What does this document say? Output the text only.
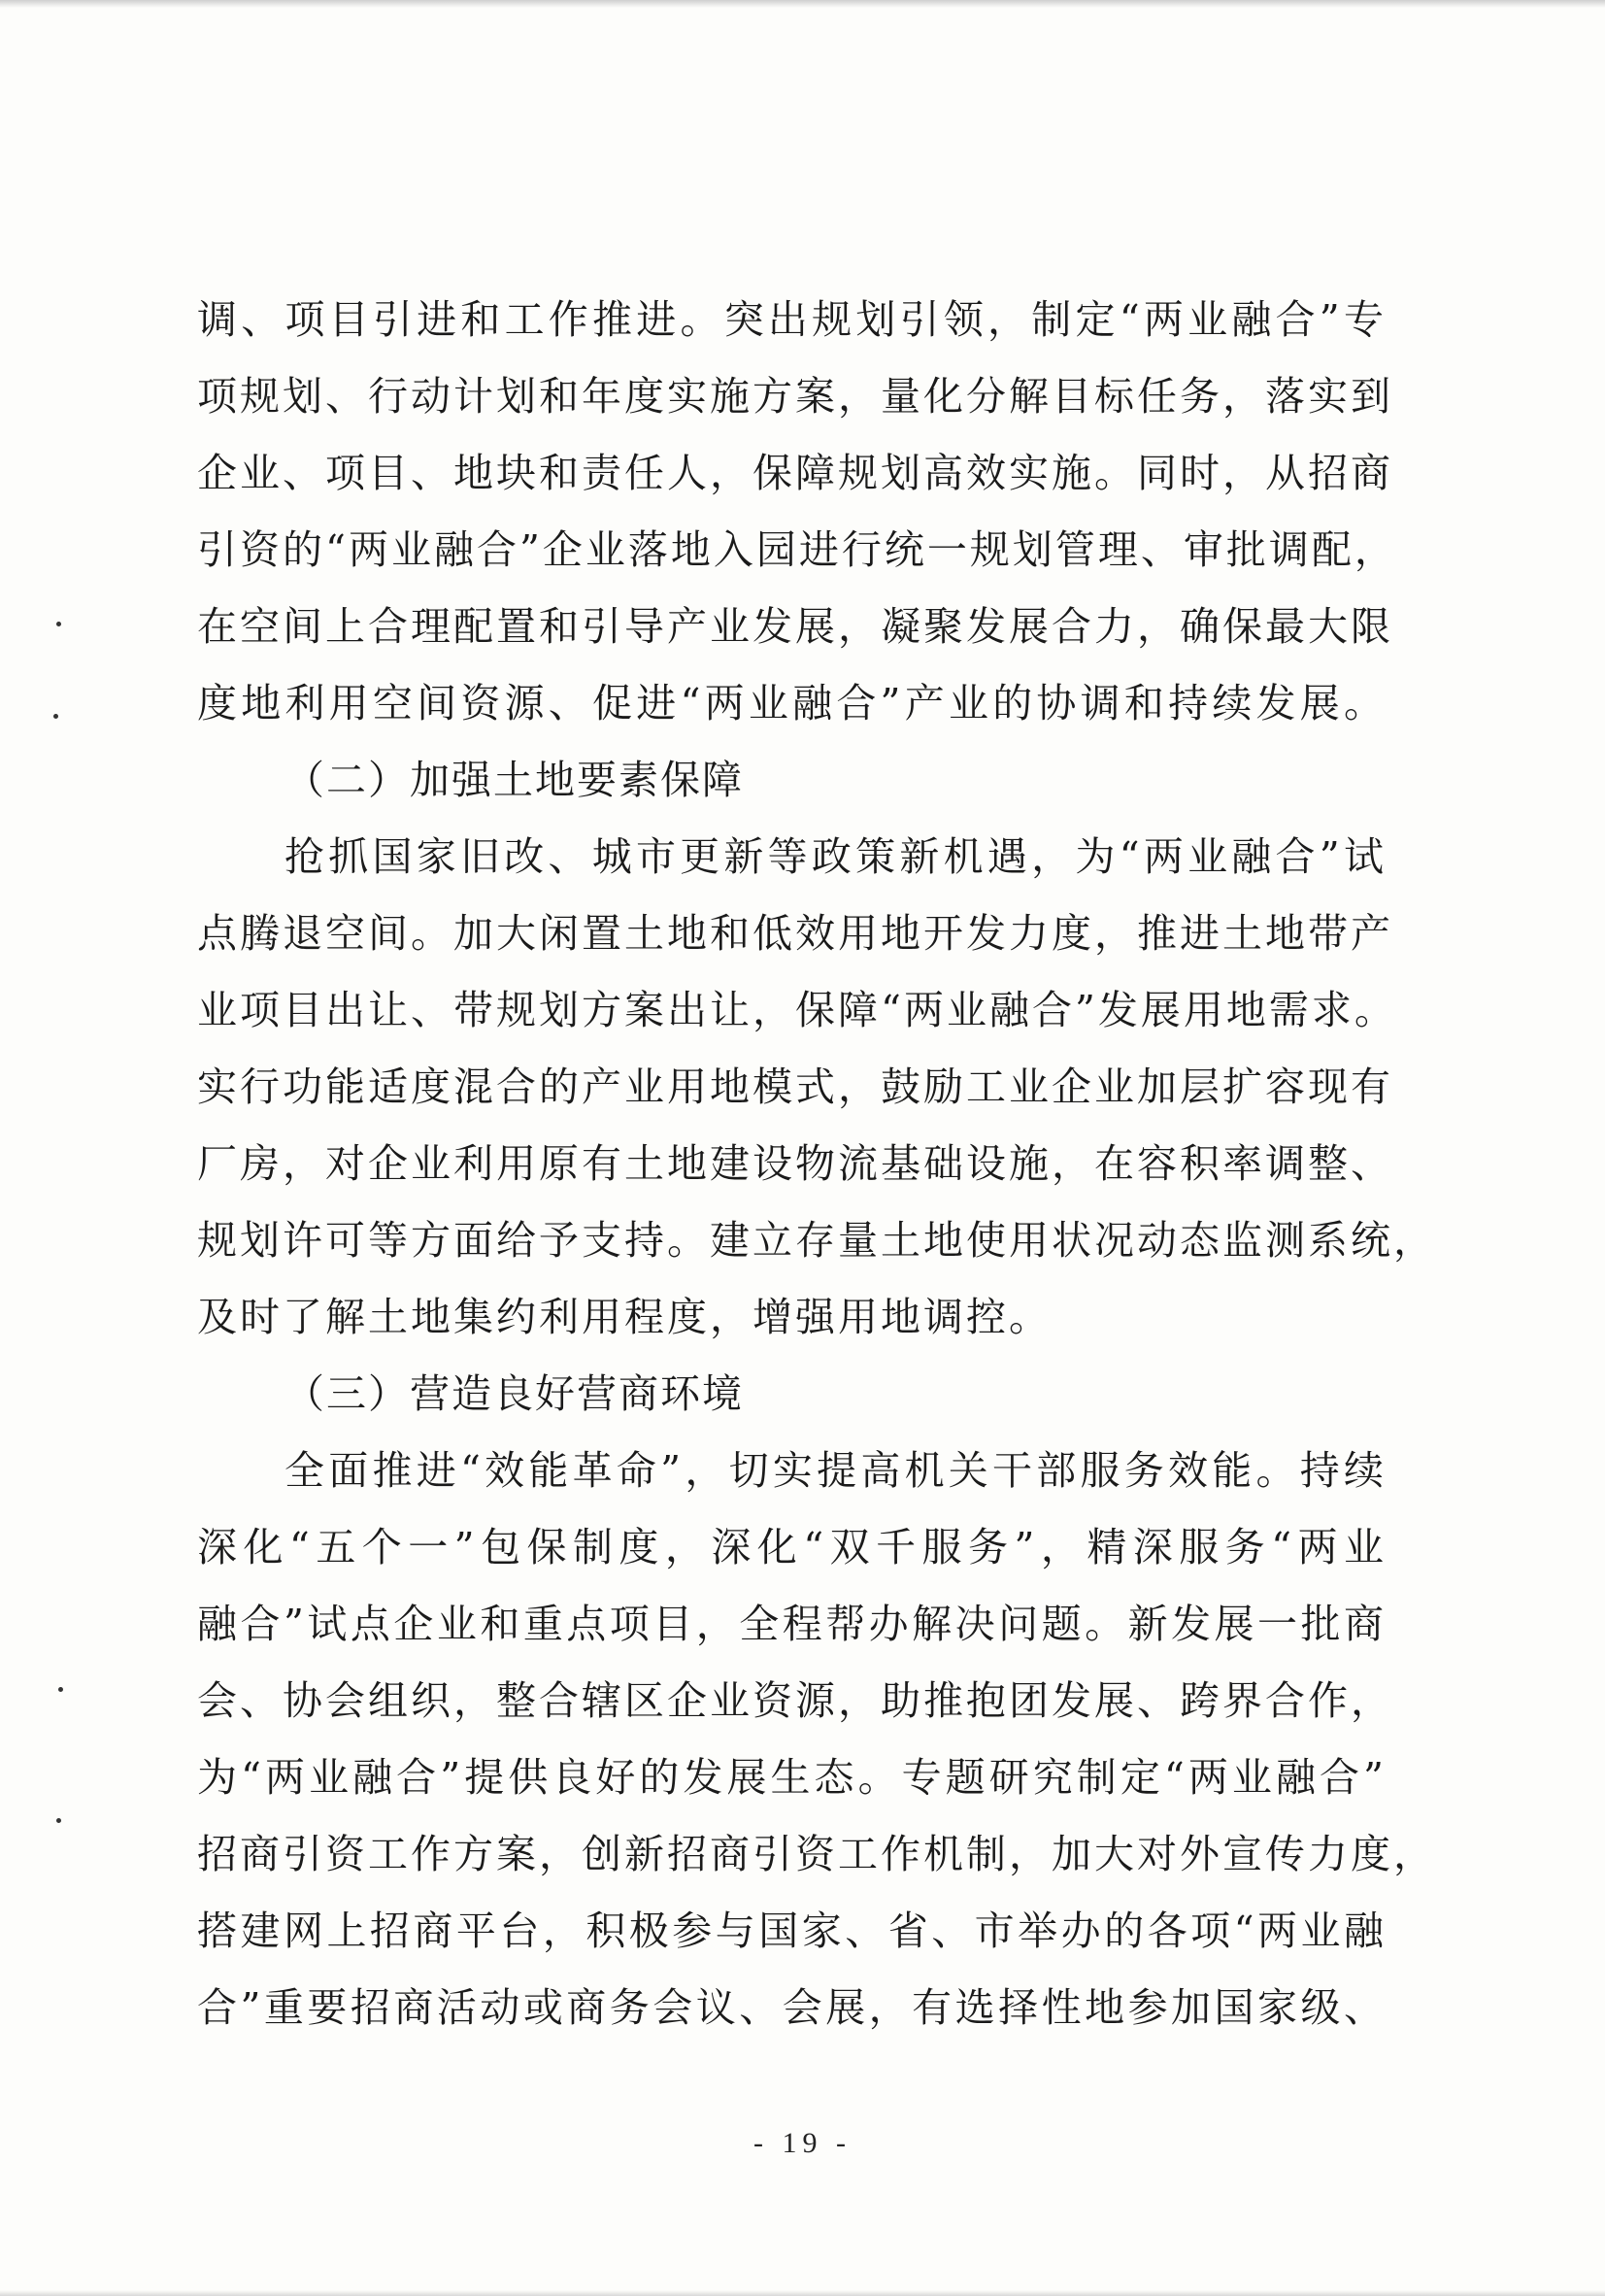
调、项目引进和工作推进。突出规划引领，制定“两业融合”专
项规划、行动计划和年度实施方案，量化分解目标任务，落实到
企业、项目、地块和责任人，保障规划高效实施。同时，从招商
引资的“两业融合”企业落地入园进行统一规划管理、审批调配，
在空间上合理配置和引导产业发展，凝聚发展合力，确保最大限
度地利用空间资源、促进“两业融合”产业的协调和持续发展。
（二）加强土地要素保障
抢抓国家旧改、城市更新等政策新机遇，为“两业融合”试
点腾退空间。加大闲置土地和低效用地开发力度，推进土地带产
业项目出让、带规划方案出让，保障“两业融合”发展用地需求。
实行功能适度混合的产业用地模式，鼓励工业企业加层扩容现有
厂房，对企业利用原有土地建设物流基础设施，在容积率调整、
规划许可等方面给予支持。建立存量土地使用状况动态监测系统，
及时了解土地集约利用程度，增强用地调控。
（三）营造良好营商环境
全面推进“效能革命”，切实提高机关干部服务效能。持续
深化“五个一”包保制度，深化“双千服务”，精深服务“两业
融合”试点企业和重点项目，全程帮办解决问题。新发展一批商
会、协会组织，整合辖区企业资源，助推抱团发展、跨界合作，
为“两业融合”提供良好的发展生态。专题研究制定“两业融合”
招商引资工作方案，创新招商引资工作机制，加大对外宣传力度，
搭建网上招商平台，积极参与国家、省、市举办的各项“两业融
合”重要招商活动或商务会议、会展，有选择性地参加国家级、
- 19 -
